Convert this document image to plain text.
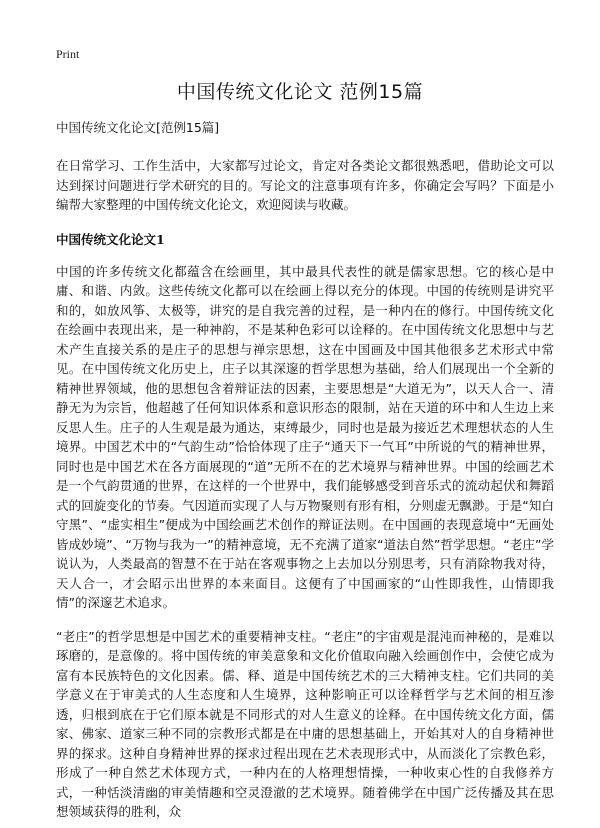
Print
中国传统文化论文 范例15篇

中国传统文化论文[范例15篇]

在日常学习、工作生活中，大家都写过论文，肯定对各类论文都很熟悉吧，借助论文可以达到探讨问题进行学术研究的目的。写论文的注意事项有许多，你确定会写吗？下面是小编帮大家整理的中国传统文化论文，欢迎阅读与收藏。

中国传统文化论文1

中国的许多传统文化都蕴含在绘画里，其中最具代表性的就是儒家思想。它的核心是中庸、和谐、内敛。这些传统文化都可以在绘画上得以充分的体现。中国的传统则是讲究平和的，如放风筝、太极等，讲究的是自我完善的过程，是一种内在的修行。中国传统文化在绘画中表现出来，是一种神韵，不是某种色彩可以诠释的。在中国传统文化思想中与艺术产生直接关系的是庄子的思想与禅宗思想，这在中国画及中国其他很多艺术形式中常见。在中国传统文化历史上，庄子以其深邃的哲学思想为基础，给人们展现出一个全新的精神世界领域，他的思想包含着辩证法的因素，主要思想是“大道无为”，以天人合一、清静无为为宗旨，他超越了任何知识体系和意识形态的限制，站在天道的环中和人生边上来反思人生。庄子的人生观是最为通达，束缚最少，同时也是最为接近艺术理想状态的人生境界。中国艺术中的“气韵生动”恰恰体现了庄子“通天下一气耳”中所说的气的精神世界，同时也是中国艺术在各方面展现的“道”无所不在的艺术境界与精神世界。中国的绘画艺术是一个气韵贯通的世界，在这样的一个世界中，我们能够感受到音乐式的流动起伏和舞蹈式的回旋变化的节奏。气因道而实现了人与万物聚则有形有相，分则虚无飘渺。于是“知白守黑”、“虚实相生”便成为中国绘画艺术创作的辩证法则。在中国画的表现意境中“无画处皆成妙境”、“万物与我为一”的精神意境，无不充满了道家“道法自然”哲学思想。“老庄”学说认为，人类最高的智慧不在于站在客观事物之上去加以分别思考，只有消除物我对待，天人合一，才会昭示出世界的本来面目。这便有了中国画家的“山性即我性，山情即我情”的深邃艺术追求。

“老庄”的哲学思想是中国艺术的重要精神支柱。“老庄”的宇宙观是混沌而神秘的，是难以琢磨的，是意像的。将中国传统的审美意象和文化价值取向融入绘画创作中，会使它成为富有本民族特色的文化因素。儒、释、道是中国传统艺术的三大精神支柱。它们共同的美学意义在于审美式的人生态度和人生境界，这种影响正可以诠释哲学与艺术间的相互渗透，归根到底在于它们原本就是不同形式的对人生意义的诠释。在中国传统文化方面，儒家、佛家、道家三种不同的宗教形式都是在中庸的思想基础上，开始其对人的自身精神世界的探求。这种自身精神世界的探求过程出现在艺术表现形式中，从而淡化了宗教色彩，形成了一种自然艺术体现方式，一种内在的人格理想情操，一种收束心性的自我修养方式，一种恬淡清幽的审美情趣和空灵澄澈的艺术境界。随着佛学在中国广泛传播及其在思想领域获得的胜利，众
